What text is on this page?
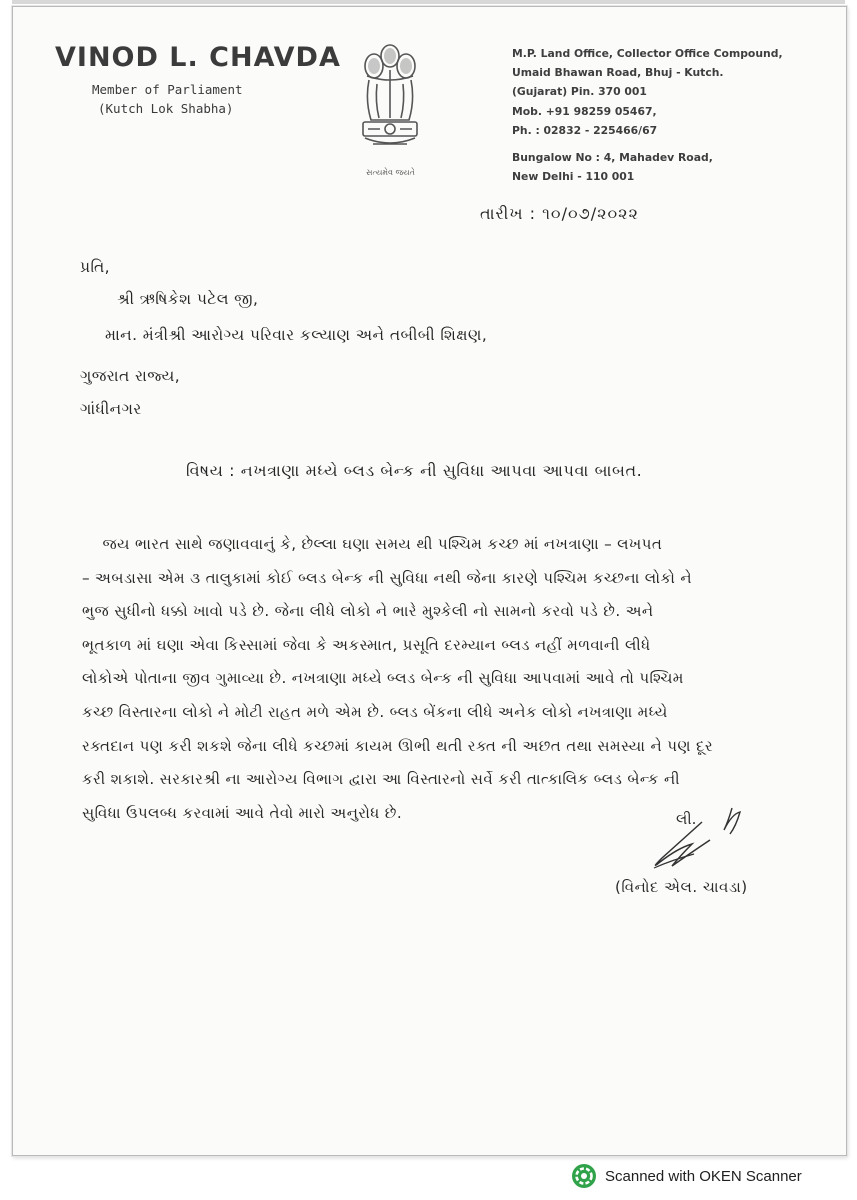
VINOD L. CHAVDA
Member of Parliament
(Kutch Lok Shabha)
સત્યમેવ જયતે
M.P. Land Office, Collector Office Compound,
Umaid Bhawan Road, Bhuj - Kutch.
(Gujarat) Pin. 370 001
Mob. +91 98259 05467,
Ph. : 02832 - 225466/67
Bungalow No : 4, Mahadev Road,
New Delhi - 110 001
તારીખ : ૧૦/૦૭/૨૦૨૨
પ્રતિ,
શ્રી ઋષિકેશ પટેલ જી,
માન. મંત્રીશ્રી આરોગ્ય પરિવાર કલ્યાણ અને તબીબી શિક્ષણ,
ગુજરાત રાજ્ય,
ગાંધીનગર
વિષય : નખત્રાણા મધ્યે બ્લડ બેન્ક ની સુવિધા આપવા આપવા બાબત.
જય ભારત સાથે જણાવવાનું કે, છેલ્લા ઘણા સમય થી પશ્ચિમ કચ્છ માં નખત્રાણા – લખપત
– અબડાસા એમ ૩ તાલુકામાં કોઈ બ્લડ બેન્ક ની સુવિધા નથી જેના કારણે પશ્ચિમ કચ્છના લોકો ને
ભુજ સુધીનો ધક્કો ખાવો પડે છે. જેના લીધે લોકો ને ભારે મુશ્કેલી નો સામનો કરવો પડે છે. અને
ભૂતકાળ માં ઘણા એવા કિસ્સામાં જેવા કે અકસ્માત, પ્રસૂતિ દરમ્યાન બ્લડ નહીં મળવાની લીધે
લોકોએ પોતાના જીવ ગુમાવ્યા છે. નખત્રાણા મધ્યે બ્લડ બેન્ક ની સુવિધા આપવામાં આવે તો પશ્ચિમ
કચ્છ વિસ્તારના લોકો ને મોટી રાહત મળે એમ છે. બ્લડ બેંકના લીધે અનેક લોકો નખત્રાણા મધ્યે
રક્તદાન પણ કરી શકશે જેના લીધે કચ્છમાં કાયમ ઊભી થતી રક્ત ની અછત તથા સમસ્યા ને પણ દૂર
કરી શકાશે. સરકારશ્રી ના આરોગ્ય વિભાગ દ્વારા આ વિસ્તારનો સર્વે કરી તાત્કાલિક બ્લડ બેન્ક ની
સુવિધા ઉપલબ્ધ કરવામાં આવે તેવો મારો અનુરોધ છે.	લી.
(વિનોદ એલ. ચાવડા)
Scanned with OKEN Scanner
